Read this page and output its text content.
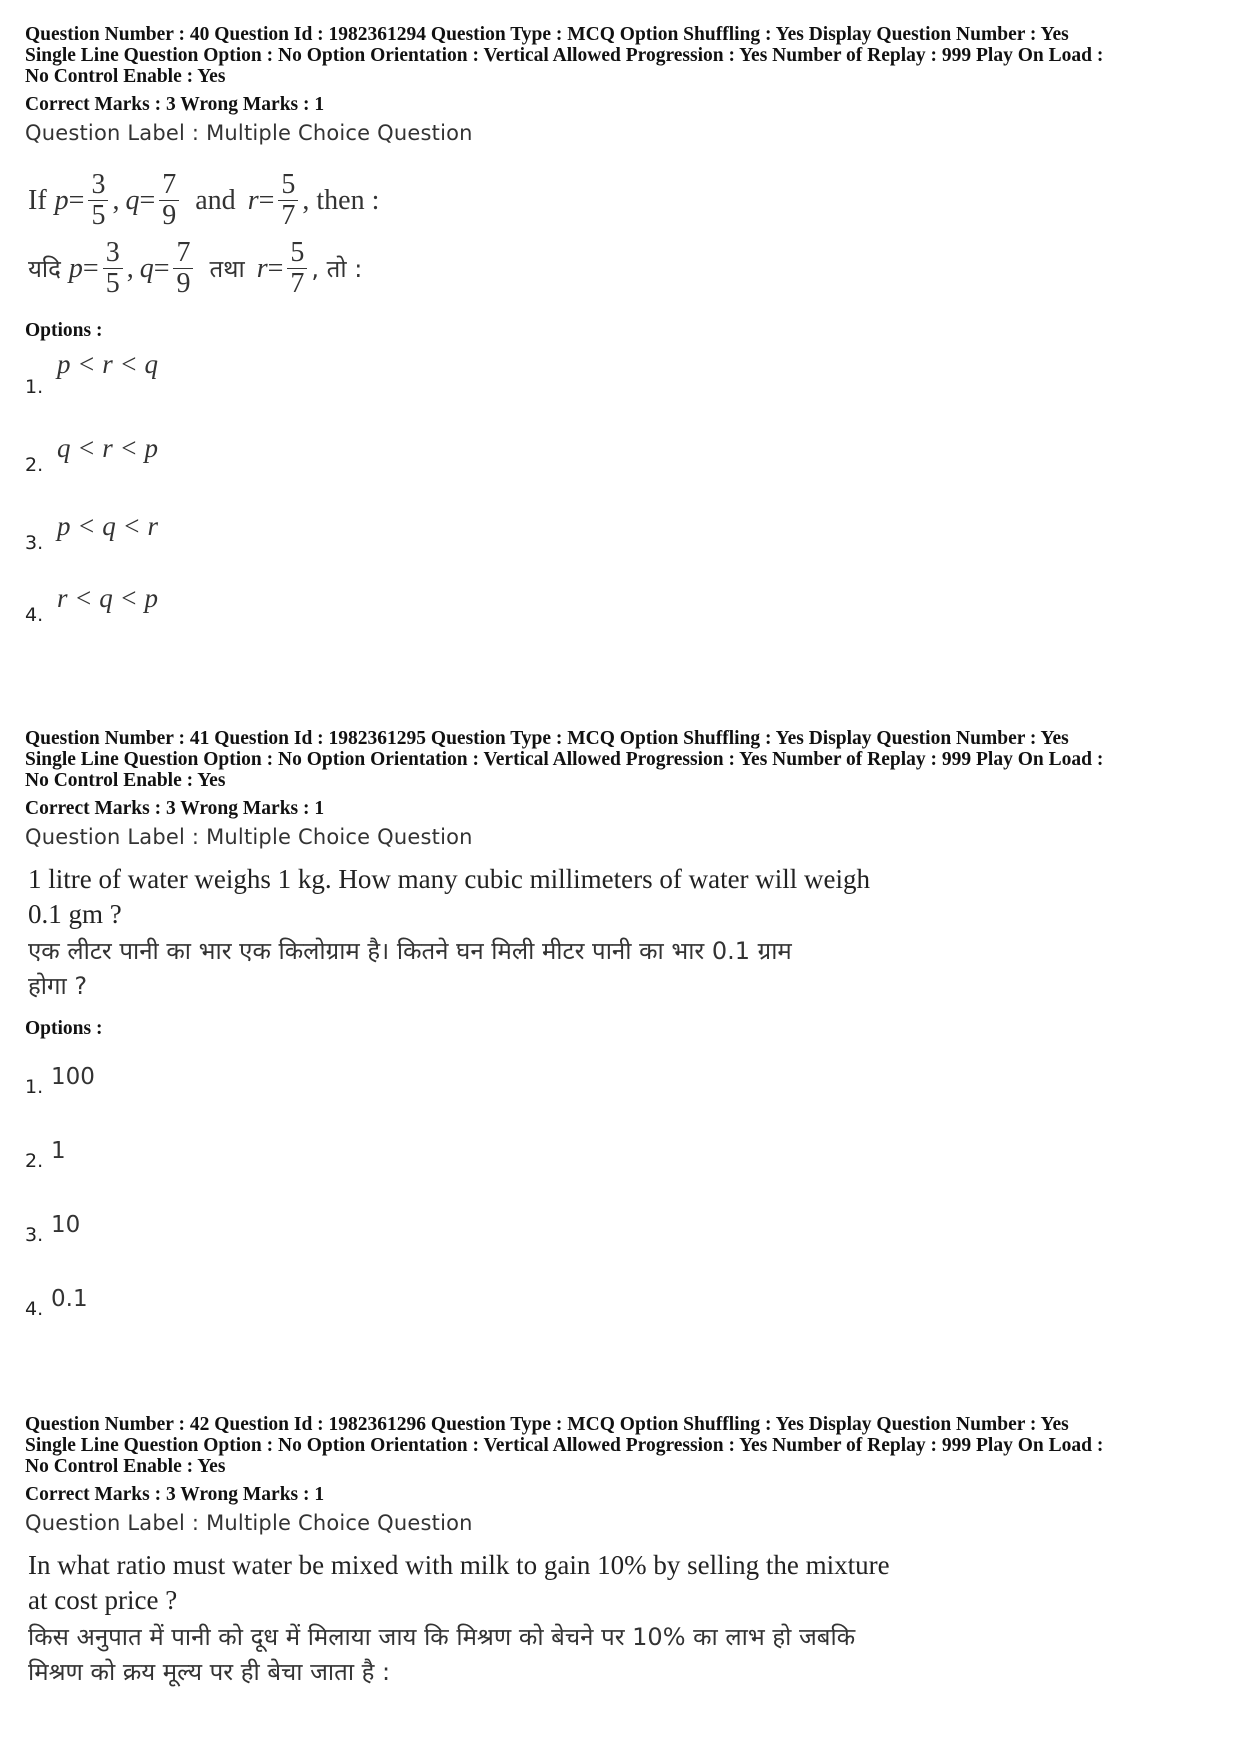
Question Number : 40 Question Id : 1982361294 Question Type : MCQ Option Shuffling : Yes Display Question Number : Yes
Single Line Question Option : No Option Orientation : Vertical Allowed Progression : Yes Number of Replay : 999 Play On Load :
No Control Enable : Yes
Correct Marks : 3 Wrong Marks : 1
Question Label : Multiple Choice Question
If $p = \frac{3}{5}$ , $q = \frac{7}{9}$ and $r = \frac{5}{7}$ , then :
यदि $p = \frac{3}{5}$ , $q = \frac{7}{9}$ तथा $r = \frac{5}{7}$ , तो :
Options :
1.
p < r < q
2.
q < r < p
3.
p < q < r
4.
r < q < p
Question Number : 41 Question Id : 1982361295 Question Type : MCQ Option Shuffling : Yes Display Question Number : Yes
Single Line Question Option : No Option Orientation : Vertical Allowed Progression : Yes Number of Replay : 999 Play On Load :
No Control Enable : Yes
Correct Marks : 3 Wrong Marks : 1
Question Label : Multiple Choice Question
1 litre of water weighs 1 kg. How many cubic millimeters of water will weigh
0.1 gm ?
एक लीटर पानी का भार एक किलोग्राम है। कितने घन मिली मीटर पानी का भार 0.1 ग्राम
होगा ?
Options :
1. 100
2. 1
3. 10
4. 0.1
Question Number : 42 Question Id : 1982361296 Question Type : MCQ Option Shuffling : Yes Display Question Number : Yes
Single Line Question Option : No Option Orientation : Vertical Allowed Progression : Yes Number of Replay : 999 Play On Load :
No Control Enable : Yes
Correct Marks : 3 Wrong Marks : 1
Question Label : Multiple Choice Question
In what ratio must water be mixed with milk to gain 10% by selling the mixture
at cost price ?
किस अनुपात में पानी को दूध में मिलाया जाय कि मिश्रण को बेचने पर 10% का लाभ हो जबकि
मिश्रण को क्रय मूल्य पर ही बेचा जाता है :
